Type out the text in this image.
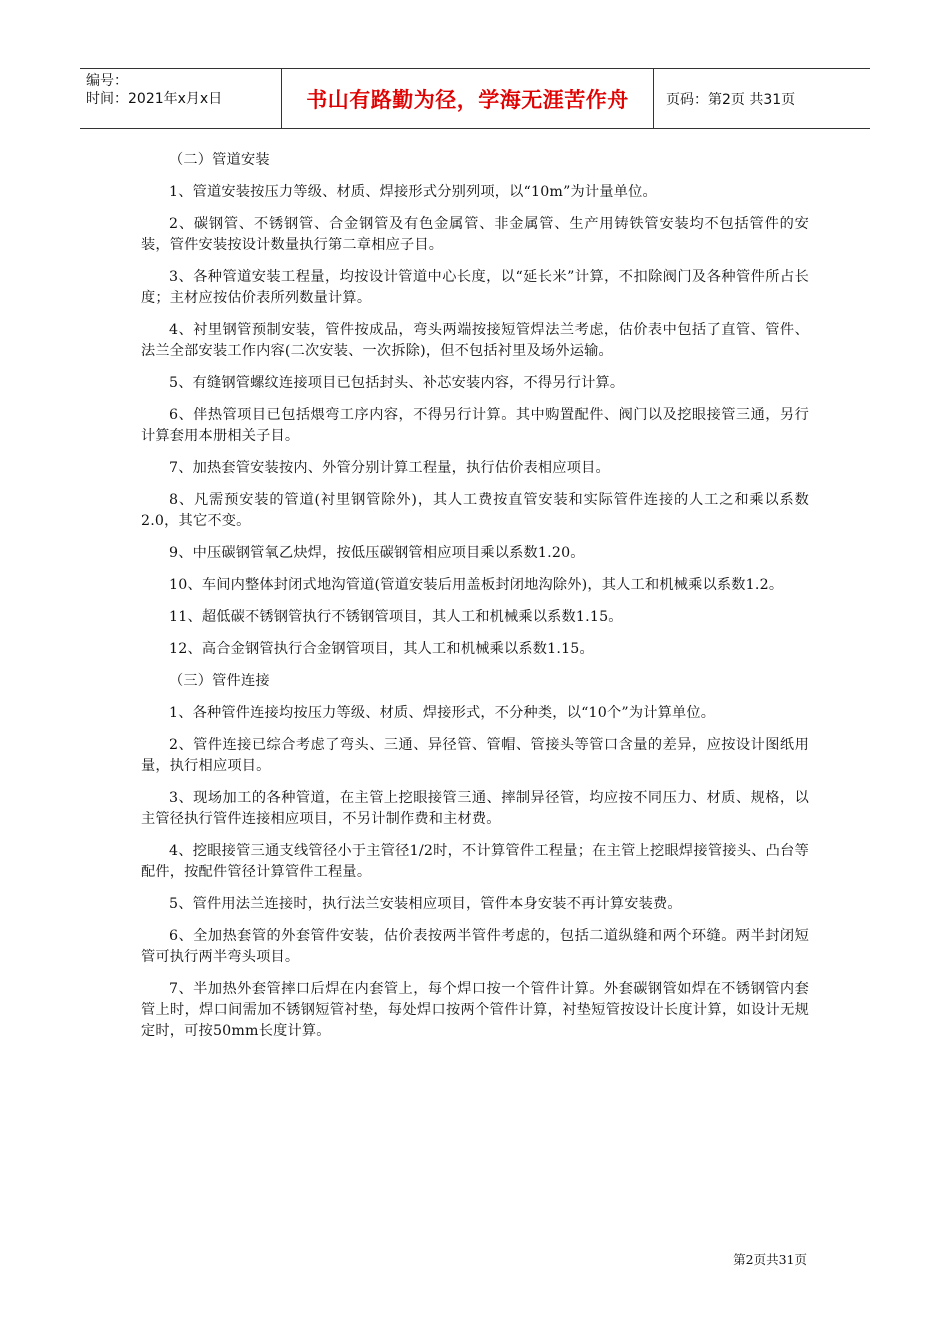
编号：
时间：2021年x月x日	书山有路勤为径，学海无涯苦作舟	页码：第2页 共31页

（二）管道安装

1、管道安装按压力等级、材质、焊接形式分别列项，以“10m”为计量单位。

2、碳钢管、不锈钢管、合金钢管及有色金属管、非金属管、生产用铸铁管安装均不包括管件的安装，管件安装按设计数量执行第二章相应子目。

3、各种管道安装工程量，均按设计管道中心长度，以“延长米”计算，不扣除阀门及各种管件所占长度；主材应按估价表所列数量计算。

4、衬里钢管预制安装，管件按成品，弯头两端按接短管焊法兰考虑，估价表中包括了直管、管件、法兰全部安装工作内容(二次安装、一次拆除)，但不包括衬里及场外运输。

5、有缝钢管螺纹连接项目已包括封头、补芯安装内容，不得另行计算。

6、伴热管项目已包括煨弯工序内容，不得另行计算。其中购置配件、阀门以及挖眼接管三通，另行计算套用本册相关子目。

7、加热套管安装按内、外管分别计算工程量，执行估价表相应项目。

8、凡需预安装的管道(衬里钢管除外)，其人工费按直管安装和实际管件连接的人工之和乘以系数2.0，其它不变。

9、中压碳钢管氧乙炔焊，按低压碳钢管相应项目乘以系数1.20。

10、车间内整体封闭式地沟管道(管道安装后用盖板封闭地沟除外)，其人工和机械乘以系数1.2。

11、超低碳不锈钢管执行不锈钢管项目，其人工和机械乘以系数1.15。

12、高合金钢管执行合金钢管项目，其人工和机械乘以系数1.15。

（三）管件连接

1、各种管件连接均按压力等级、材质、焊接形式，不分种类，以“10个”为计算单位。

2、管件连接已综合考虑了弯头、三通、异径管、管帽、管接头等管口含量的差异，应按设计图纸用量，执行相应项目。

3、现场加工的各种管道，在主管上挖眼接管三通、摔制异径管，均应按不同压力、材质、规格，以主管径执行管件连接相应项目，不另计制作费和主材费。

4、挖眼接管三通支线管径小于主管径1/2时，不计算管件工程量；在主管上挖眼焊接管接头、凸台等配件，按配件管径计算管件工程量。

5、管件用法兰连接时，执行法兰安装相应项目，管件本身安装不再计算安装费。

6、全加热套管的外套管件安装，估价表按两半管件考虑的，包括二道纵缝和两个环缝。两半封闭短管可执行两半弯头项目。

7、半加热外套管摔口后焊在内套管上，每个焊口按一个管件计算。外套碳钢管如焊在不锈钢管内套管上时，焊口间需加不锈钢短管衬垫，每处焊口按两个管件计算，衬垫短管按设计长度计算，如设计无规定时，可按50mm长度计算。

第2页共31页
